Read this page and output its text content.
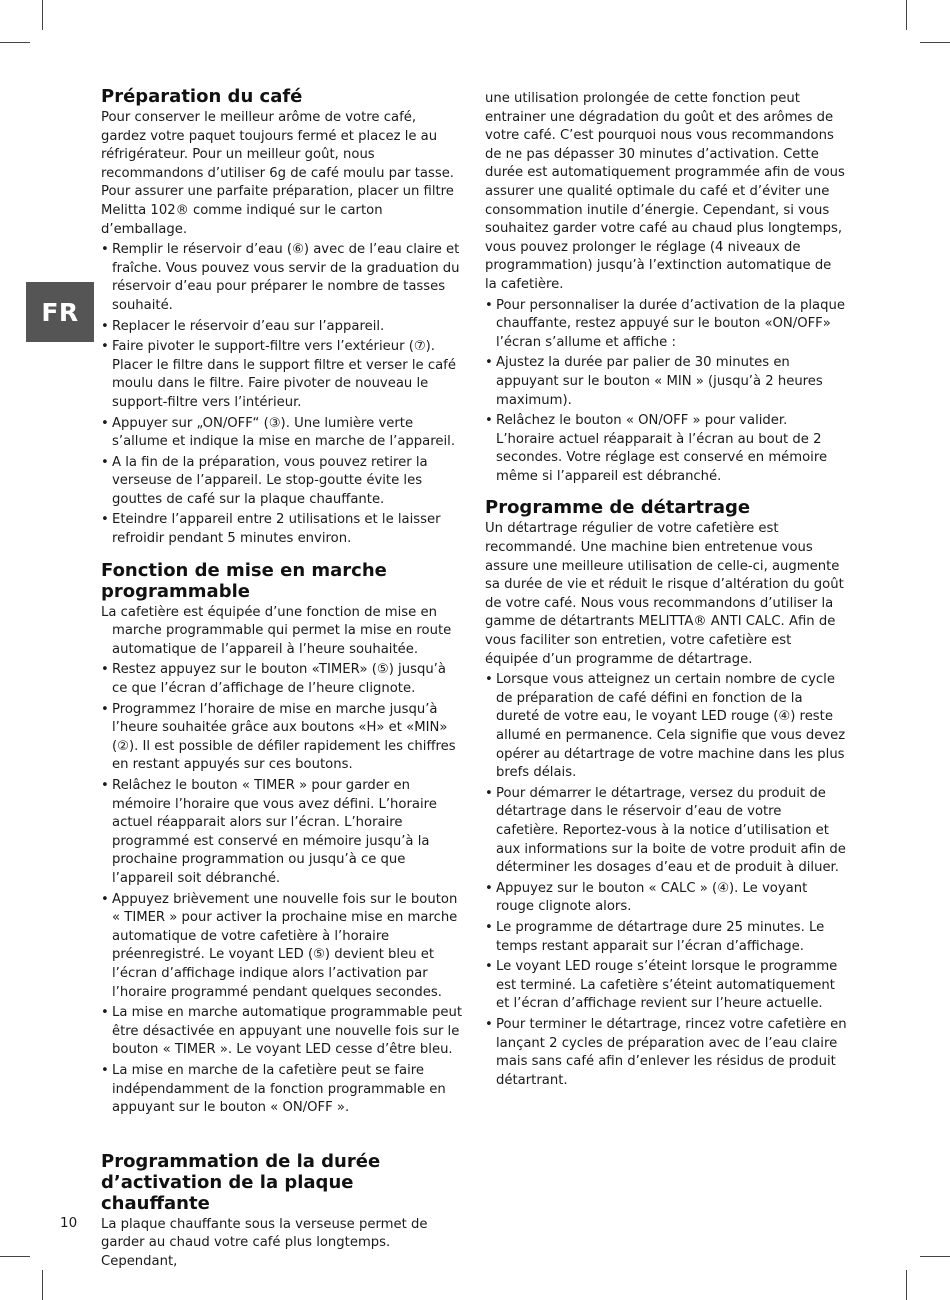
FR
Préparation du café

Pour conserver le meilleur arôme de votre café, gardez votre paquet toujours fermé et placez le au réfrigérateur. Pour un meilleur goût, nous recommandons d’utiliser 6g de café moulu par tasse. Pour assurer une parfaite préparation, placer un filtre Melitta 102® comme indiqué sur le carton d’emballage.

• Remplir le réservoir d’eau (⑥) avec de l’eau claire et fraîche. Vous pouvez vous servir de la graduation du réservoir d’eau pour préparer le nombre de tasses souhaité.
• Replacer le réservoir d’eau sur l’appareil.
• Faire pivoter le support-filtre vers l’extérieur (⑦). Placer le filtre dans le support filtre et verser le café moulu dans le filtre. Faire pivoter de nouveau le support-filtre vers l’intérieur.
• Appuyer sur „ON/OFF“ (③). Une lumière verte s’allume et indique la mise en marche de l’appareil.
• A la fin de la préparation, vous pouvez retirer la verseuse de l’appareil. Le stop-goutte évite les gouttes de café sur la plaque chauffante.
• Eteindre l’appareil entre 2 utilisations et le laisser refroidir pendant 5 minutes environ.
Fonction de mise en marche programmable

La cafetière est équipée d’une fonction de mise en marche programmable qui permet la mise en route automatique de l’appareil à l’heure souhaitée.

• Restez appuyez sur le bouton «TIMER» (⑤) jusqu’à ce que l’écran d’affichage de l’heure clignote.
• Programmez l’horaire de mise en marche jusqu’à l’heure souhaitée grâce aux boutons «H» et «MIN» (②). Il est possible de défiler rapidement les chiffres en restant appuyés sur ces boutons.
• Relâchez le bouton « TIMER » pour garder en mémoire l’horaire que vous avez défini. L’horaire actuel réapparait alors sur l’écran. L’horaire programmé est conservé en mémoire jusqu’à la prochaine programmation ou jusqu’à ce que l’appareil soit débranché.
• Appuyez brièvement une nouvelle fois sur le bouton « TIMER » pour activer la prochaine mise en marche automatique de votre cafetière à l’horaire préenregistré. Le voyant LED (⑤) devient bleu et l’écran d’affichage indique alors l’activation par l’horaire programmé pendant quelques secondes.
• La mise en marche automatique programmable peut être désactivée en appuyant une nouvelle fois sur le bouton « TIMER ». Le voyant LED cesse d’être bleu.
• La mise en marche de la cafetière peut se faire indépendamment de la fonction programmable en appuyant sur le bouton « ON/OFF ».
Programmation de la durée d’activation de la plaque chauffante

La plaque chauffante sous la verseuse permet de garder au chaud votre café plus longtemps. Cependant,

une utilisation prolongée de cette fonction peut entrainer une dégradation du goût et des arômes de votre café. C’est pourquoi nous vous recommandons de ne pas dépasser 30 minutes d’activation. Cette durée est automatiquement programmée afin de vous assurer une qualité optimale du café et d’éviter une consommation inutile d’énergie. Cependant, si vous souhaitez garder votre café au chaud plus longtemps, vous pouvez prolonger le réglage (4 niveaux de programmation) jusqu’à l’extinction automatique de la cafetière.

• Pour personnaliser la durée d’activation de la plaque chauffante, restez appuyé sur le bouton «ON/OFF» l’écran s’allume et affiche :
• Ajustez la durée par palier de 30 minutes en appuyant sur le bouton « MIN » (jusqu’à 2 heures maximum).
• Relâchez le bouton « ON/OFF » pour valider. L’horaire actuel réapparait à l’écran au bout de 2 secondes. Votre réglage est conservé en mémoire même si l’appareil est débranché.
Programme de détartrage

Un détartrage régulier de votre cafetière est recommandé. Une machine bien entretenue vous assure une meilleure utilisation de celle-ci, augmente sa durée de vie et réduit le risque d’altération du goût de votre café. Nous vous recommandons d’utiliser la gamme de détartrants MELITTA® ANTI CALC. Afin de vous faciliter son entretien, votre cafetière est équipée d’un programme de détartrage.

• Lorsque vous atteignez un certain nombre de cycle de préparation de café défini en fonction de la dureté de votre eau, le voyant LED rouge (④) reste allumé en permanence. Cela signifie que vous devez opérer au détartrage de votre machine dans les plus brefs délais.
• Pour démarrer le détartrage, versez du produit de détartrage dans le réservoir d’eau de votre cafetière. Reportez-vous à la notice d’utilisation et aux informations sur la boite de votre produit afin de déterminer les dosages d’eau et de produit à diluer.
• Appuyez sur le bouton « CALC » (④). Le voyant rouge clignote alors.
• Le programme de détartrage dure 25 minutes. Le temps restant apparait sur l’écran d’affichage.
• Le voyant LED rouge s’éteint lorsque le programme est terminé. La cafetière s’éteint automatiquement et l’écran d’affichage revient sur l’heure actuelle.
• Pour terminer le détartrage, rincez votre cafetière en lançant 2 cycles de préparation avec de l’eau claire mais sans café afin d’enlever les résidus de produit détartrant.
10
